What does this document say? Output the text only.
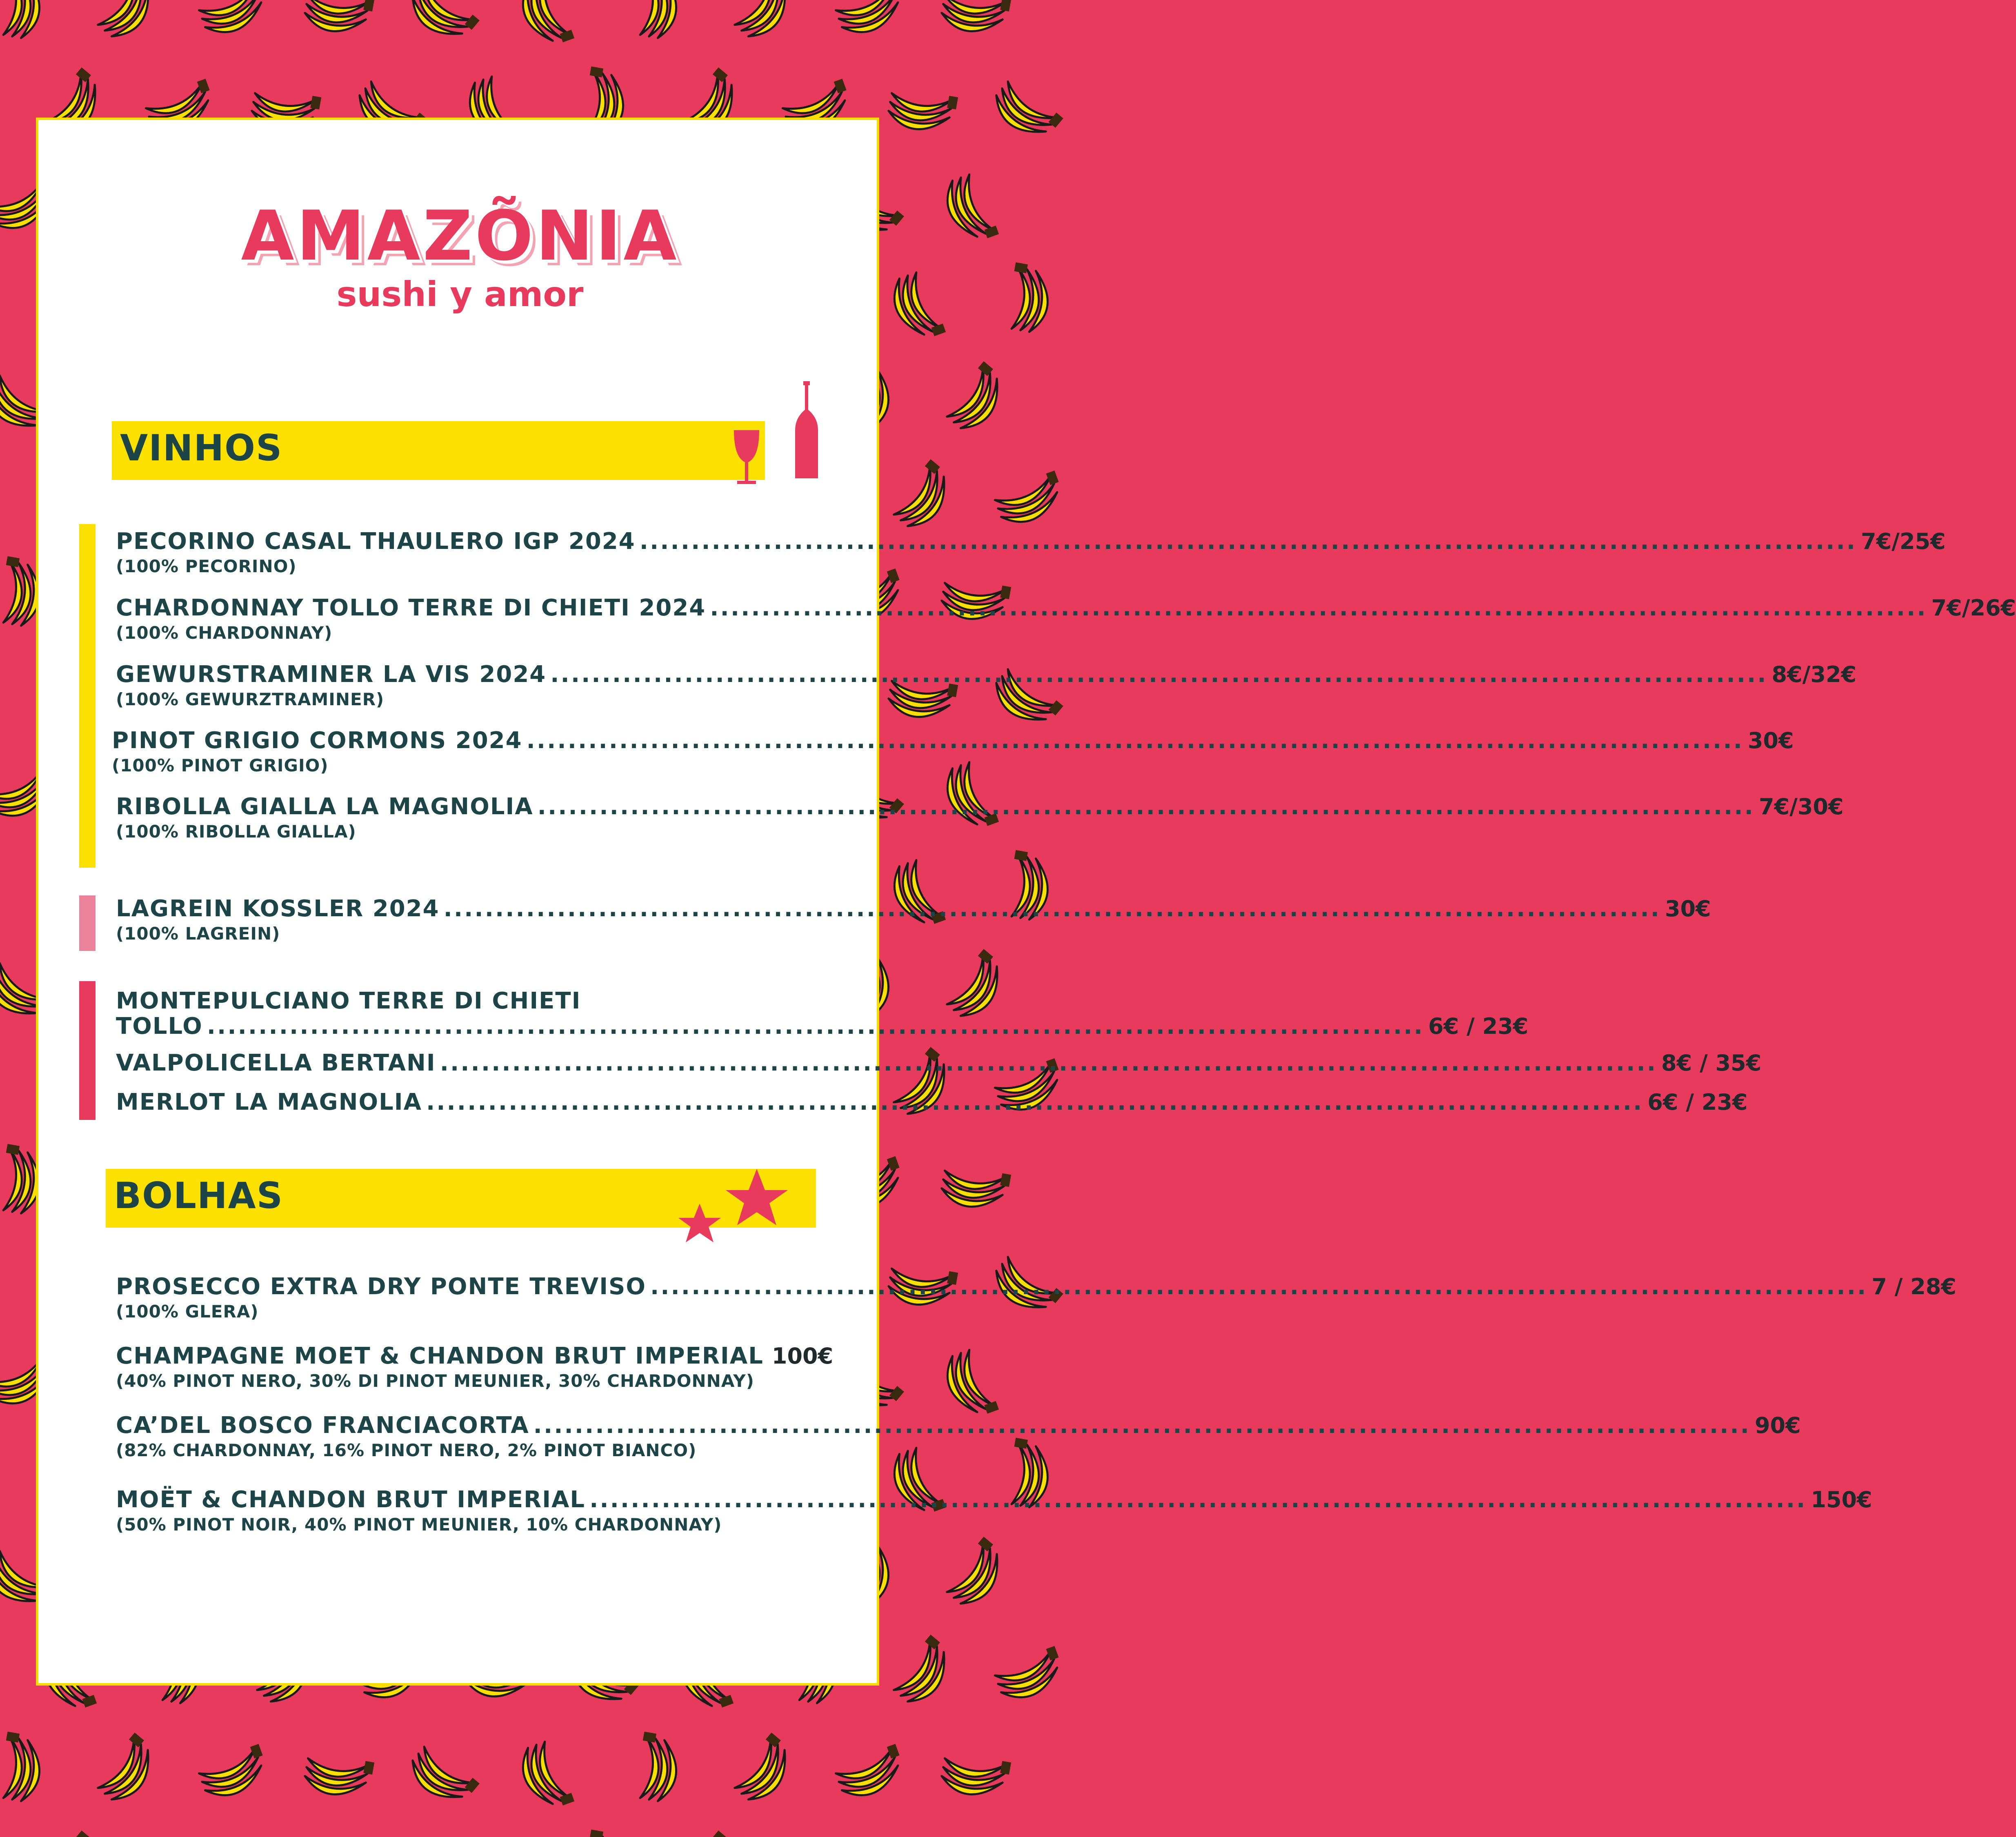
AMAZÕNIA
sushi y amor
VINHOS
PECORINO CASAL THAULERO IGP 2024 ...................................................................................................................... 7€/25€
(100% PECORINO)
CHARDONNAY TOLLO TERRE DI CHIETI 2024 ...................................................................................................................... 7€/26€
(100% CHARDONNAY)
GEWURSTRAMINER LA VIS 2024 ...................................................................................................................... 8€/32€
(100% GEWURZTRAMINER)
PINOT GRIGIO CORMONS 2024 ...................................................................................................................... 30€
(100% PINOT GRIGIO)
RIBOLLA GIALLA LA MAGNOLIA ...................................................................................................................... 7€/30€
(100% RIBOLLA GIALLA)
LAGREIN KOSSLER 2024 ...................................................................................................................... 30€
(100% LAGREIN)
MONTEPULCIANO TERRE DI CHIETI
TOLLO ...................................................................................................................... 6€ / 23€
VALPOLICELLA BERTANI ...................................................................................................................... 8€ / 35€
MERLOT LA MAGNOLIA ...................................................................................................................... 6€ / 23€
BOLHAS
PROSECCO EXTRA DRY PONTE TREVISO ...................................................................................................................... 7 / 28€
(100% GLERA)
CHAMPAGNE MOET & CHANDON BRUT IMPERIAL 100€
(40% PINOT NERO, 30% DI PINOT MEUNIER, 30% CHARDONNAY)
CA’DEL BOSCO FRANCIACORTA ...................................................................................................................... 90€
(82% CHARDONNAY, 16% PINOT NERO, 2% PINOT BIANCO)
MOËT & CHANDON BRUT IMPERIAL ...................................................................................................................... 150€
(50% PINOT NOIR, 40% PINOT MEUNIER, 10% CHARDONNAY)
